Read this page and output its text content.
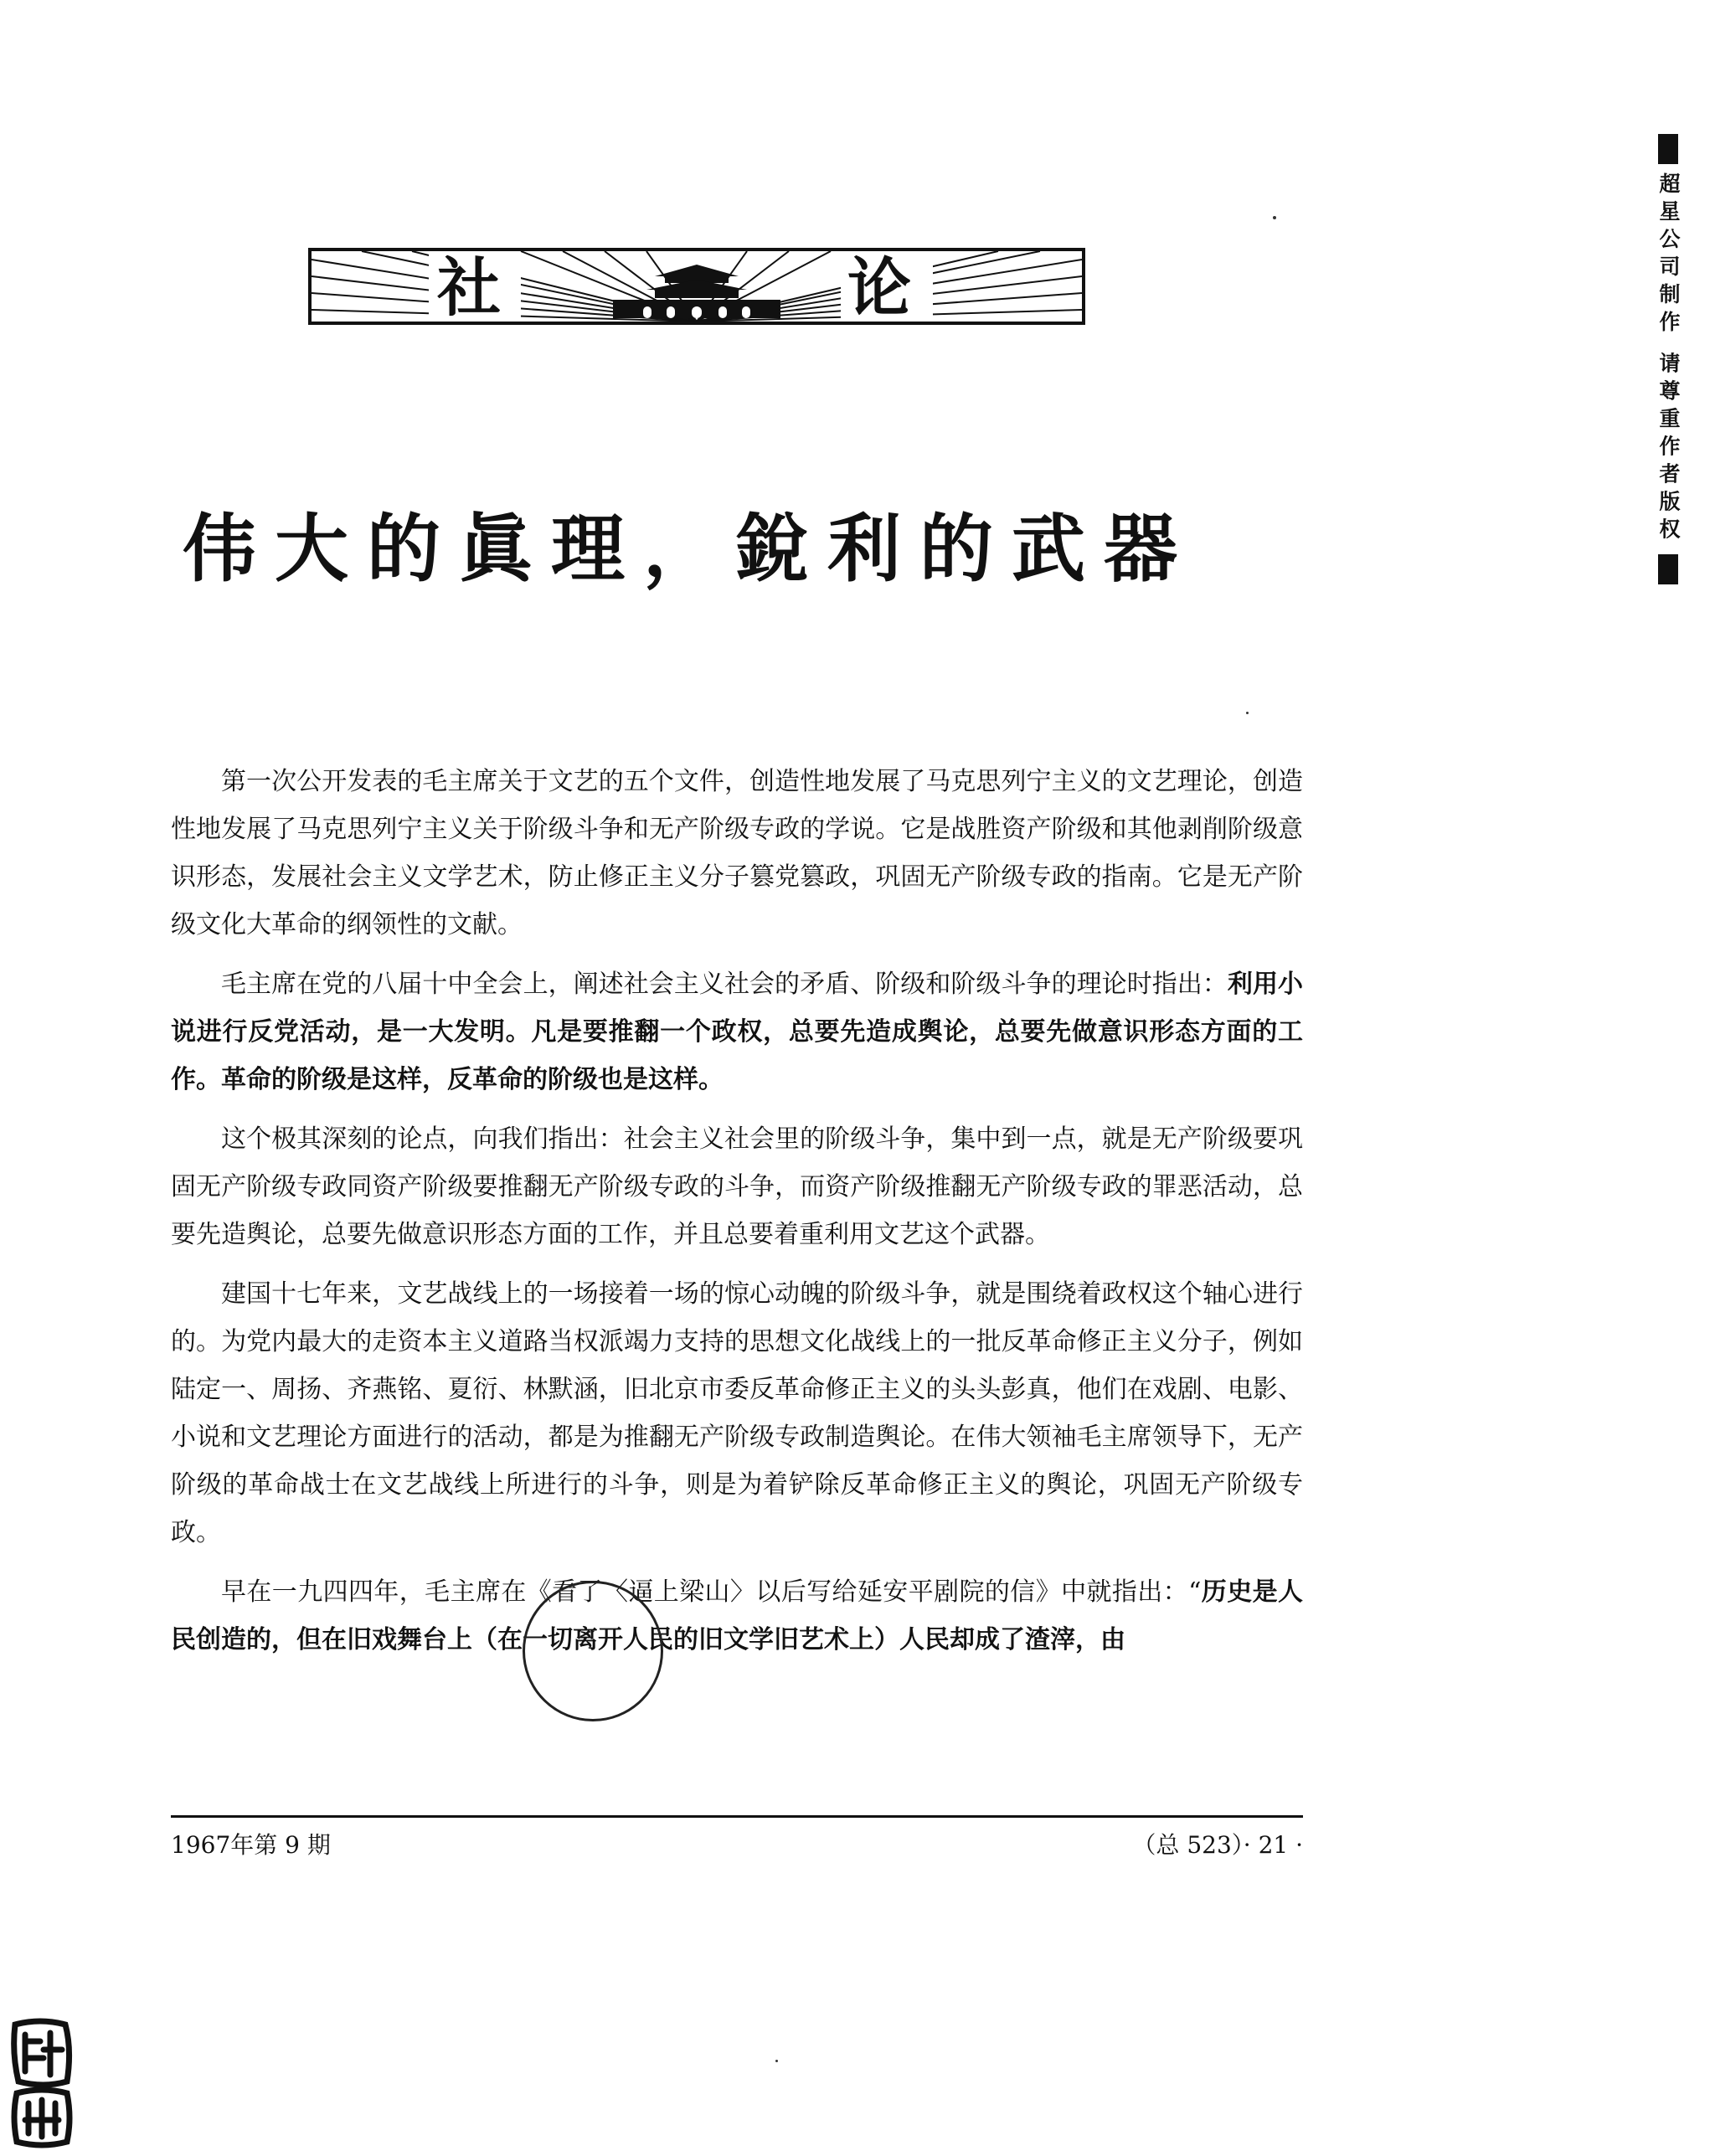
社	论
伟大的眞理，銳利的武器

第一次公开发表的毛主席关于文艺的五个文件，创造性地发展了马克思列宁主义的文艺理论，创造性地发展了马克思列宁主义关于阶级斗争和无产阶级专政的学说。它是战胜资产阶级和其他剥削阶级意识形态，发展社会主义文学艺术，防止修正主义分子篡党篡政，巩固无产阶级专政的指南。它是无产阶级文化大革命的纲领性的文献。

毛主席在党的八届十中全会上，阐述社会主义社会的矛盾、阶级和阶级斗争的理论时指出：利用小说进行反党活动，是一大发明。凡是要推翻一个政权，总要先造成舆论，总要先做意识形态方面的工作。革命的阶级是这样，反革命的阶级也是这样。

这个极其深刻的论点，向我们指出：社会主义社会里的阶级斗争，集中到一点，就是无产阶级要巩固无产阶级专政同资产阶级要推翻无产阶级专政的斗争，而资产阶级推翻无产阶级专政的罪恶活动，总要先造舆论，总要先做意识形态方面的工作，并且总要着重利用文艺这个武器。

建国十七年来，文艺战线上的一场接着一场的惊心动魄的阶级斗争，就是围绕着政权这个轴心进行的。为党内最大的走资本主义道路当权派竭力支持的思想文化战线上的一批反革命修正主义分子，例如陆定一、周扬、齐燕铭、夏衍、林默涵，旧北京市委反革命修正主义的头头彭真，他们在戏剧、电影、小说和文艺理论方面进行的活动，都是为推翻无产阶级专政制造舆论。在伟大领袖毛主席领导下，无产阶级的革命战士在文艺战线上所进行的斗争，则是为着铲除反革命修正主义的舆论，巩固无产阶级专政。

早在一九四四年，毛主席在《看了〈逼上梁山〉以后写给延安平剧院的信》中就指出：“历史是人民创造的，但在旧戏舞台上（在一切离开人民的旧文学旧艺术上）人民却成了渣滓，由

1967年第 9 期	（总 523）· 21 ·
超星公司制作 请尊重作者版权
